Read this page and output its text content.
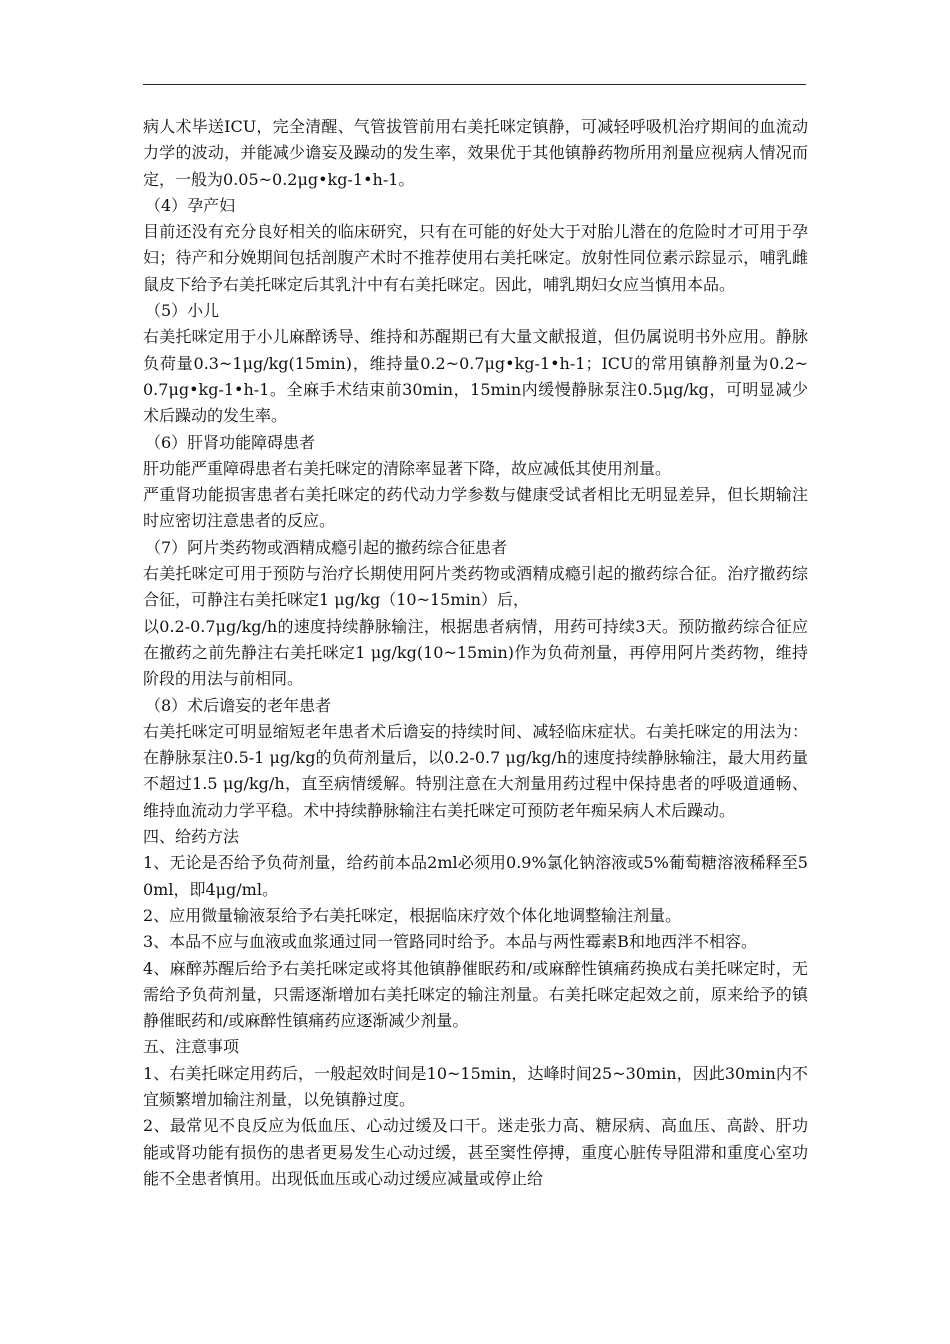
病人术毕送ICU，完全清醒、气管拔管前用右美托咪定镇静，可减轻呼吸机治疗期间的血流动力学的波动，并能减少谵妄及躁动的发生率，效果优于其他镇静药物所用剂量应视病人情况而定，一般为0.05~0.2μg•kg-1•h-1。

（4）孕产妇

目前还没有充分良好相关的临床研究，只有在可能的好处大于对胎儿潜在的危险时才可用于孕妇；待产和分娩期间包括剖腹产术时不推荐使用右美托咪定。放射性同位素示踪显示，哺乳雌鼠皮下给予右美托咪定后其乳汁中有右美托咪定。因此，哺乳期妇女应当慎用本品。

（5）小儿

右美托咪定用于小儿麻醉诱导、维持和苏醒期已有大量文献报道，但仍属说明书外应用。静脉负荷量0.3~1μg/kg(15min)，维持量0.2~0.7μg•kg-1•h-1；ICU的常用镇静剂量为0.2~0.7μg•kg-1•h-1。全麻手术结束前30min，15min内缓慢静脉泵注0.5μg/kg，可明显减少术后躁动的发生率。

（6）肝肾功能障碍患者

肝功能严重障碍患者右美托咪定的清除率显著下降，故应减低其使用剂量。

严重肾功能损害患者右美托咪定的药代动力学参数与健康受试者相比无明显差异，但长期输注时应密切注意患者的反应。

（7）阿片类药物或酒精成瘾引起的撤药综合征患者

右美托咪定可用于预防与治疗长期使用阿片类药物或酒精成瘾引起的撤药综合征。治疗撤药综合征，可静注右美托咪定1 μg/kg（10~15min）后，

以0.2-0.7μg/kg/h的速度持续静脉输注，根据患者病情，用药可持续3天。预防撤药综合征应在撤药之前先静注右美托咪定1 μg/kg(10~15min)作为负荷剂量，再停用阿片类药物，维持阶段的用法与前相同。

（8）术后谵妄的老年患者

右美托咪定可明显缩短老年患者术后谵妄的持续时间、减轻临床症状。右美托咪定的用法为：在静脉泵注0.5-1 μg/kg的负荷剂量后，以0.2-0.7 μg/kg/h的速度持续静脉输注，最大用药量不超过1.5 μg/kg/h，直至病情缓解。特别注意在大剂量用药过程中保持患者的呼吸道通畅、维持血流动力学平稳。术中持续静脉输注右美托咪定可预防老年痴呆病人术后躁动。

四、给药方法

1、无论是否给予负荷剂量，给药前本品2ml必须用0.9%氯化钠溶液或5%葡萄糖溶液稀释至50ml，即4μg/ml。

2、应用微量输液泵给予右美托咪定，根据临床疗效个体化地调整输注剂量。

3、本品不应与血液或血浆通过同一管路同时给予。本品与两性霉素B和地西泮不相容。

4、麻醉苏醒后给予右美托咪定或将其他镇静催眠药和/或麻醉性镇痛药换成右美托咪定时，无需给予负荷剂量，只需逐渐增加右美托咪定的输注剂量。右美托咪定起效之前，原来给予的镇静催眠药和/或麻醉性镇痛药应逐渐减少剂量。

五、注意事项

1、右美托咪定用药后，一般起效时间是10~15min，达峰时间25~30min，因此30min内不宜频繁增加输注剂量，以免镇静过度。

2、最常见不良反应为低血压、心动过缓及口干。迷走张力高、糖尿病、高血压、高龄、肝功能或肾功能有损伤的患者更易发生心动过缓，甚至窦性停搏，重度心脏传导阻滞和重度心室功能不全患者慎用。出现低血压或心动过缓应减量或停止给
